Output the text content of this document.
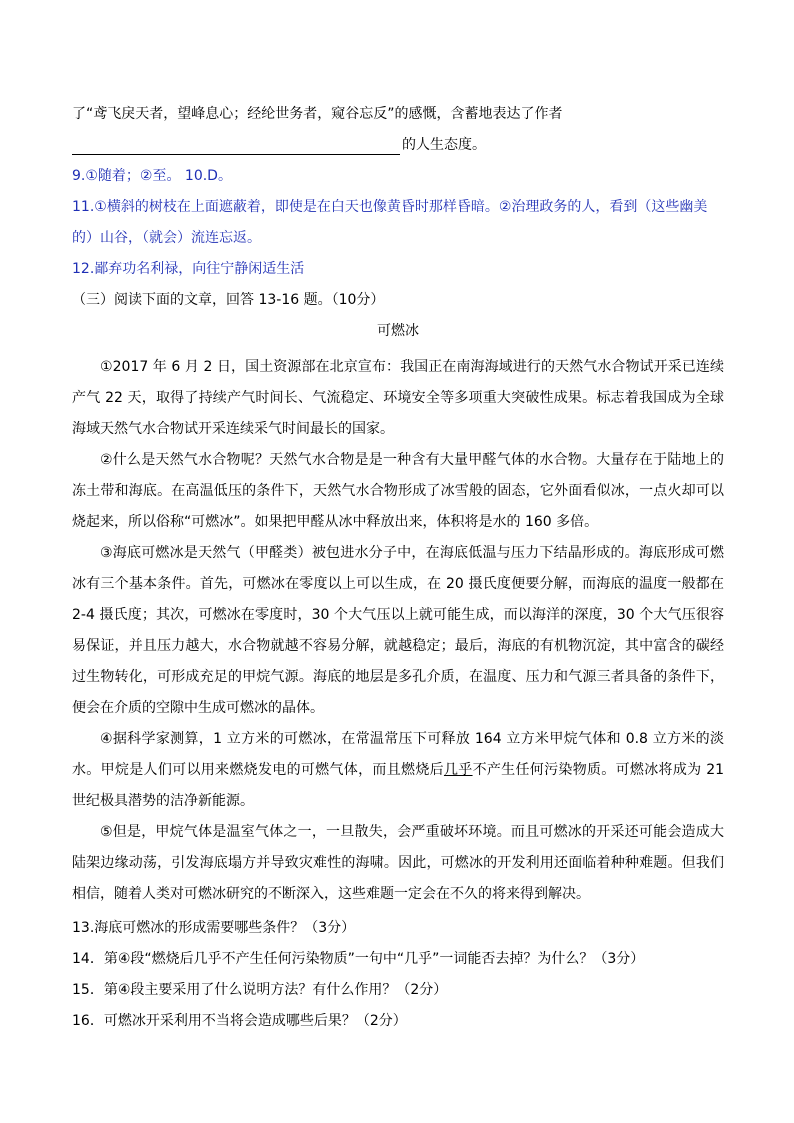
了“鸢飞戾天者，望峰息心；经纶世务者，窥谷忘反”的感慨，含蓄地表达了作者
的人生态度。
9.①随着；②至。 10.D。
11.①横斜的树枝在上面遮蔽着，即使是在白天也像黄昏时那样昏暗。②治理政务的人，看到（这些幽美
的）山谷，（就会）流连忘返。
12.鄙弃功名利禄，向往宁静闲适生活
（三）阅读下面的文章，回答 13-16 题。（10分）
可燃冰

①2017 年 6 月 2 日，国土资源部在北京宣布：我国正在南海海域进行的天然气水合物试开采已连续产气 22 天，取得了持续产气时间长、气流稳定、环境安全等多项重大突破性成果。标志着我国成为全球海域天然气水合物试开采连续采气时间最长的国家。

②什么是天然气水合物呢？天然气水合物是是一种含有大量甲醛气体的水合物。大量存在于陆地上的冻土带和海底。在高温低压的条件下，天然气水合物形成了冰雪般的固态，它外面看似冰，一点火却可以烧起来，所以俗称“可燃冰”。如果把甲醛从冰中释放出来，体积将是水的 160 多倍。

③海底可燃冰是天然气（甲醛类）被包进水分子中，在海底低温与压力下结晶形成的。海底形成可燃冰有三个基本条件。首先，可燃冰在零度以上可以生成，在 20 摄氏度便要分解，而海底的温度一般都在 2-4 摄氏度；其次，可燃冰在零度时，30 个大气压以上就可能生成，而以海洋的深度，30 个大气压很容易保证，并且压力越大，水合物就越不容易分解，就越稳定；最后，海底的有机物沉淀，其中富含的碳经过生物转化，可形成充足的甲烷气源。海底的地层是多孔介质，在温度、压力和气源三者具备的条件下，便会在介质的空隙中生成可燃冰的晶体。

④据科学家测算，1 立方米的可燃冰，在常温常压下可释放 164 立方米甲烷气体和 0.8 立方米的淡水。甲烷是人们可以用来燃烧发电的可燃气体，而且燃烧后几乎不产生任何污染物质。可燃冰将成为 21 世纪极具潜势的洁净新能源。

⑤但是，甲烷气体是温室气体之一，一旦散失，会严重破坏环境。而且可燃冰的开采还可能会造成大陆架边缘动荡，引发海底塌方并导致灾难性的海啸。因此，可燃冰的开发利用还面临着种种难题。但我们相信，随着人类对可燃冰研究的不断深入，这些难题一定会在不久的将来得到解决。

13.海底可燃冰的形成需要哪些条件？（3分）
14．第④段“燃烧后几乎不产生任何污染物质”一句中“几乎”一词能否去掉？为什么？（3分）
15．第④段主要采用了什么说明方法？有什么作用？（2分）
16．可燃冰开采利用不当将会造成哪些后果？（2分）
